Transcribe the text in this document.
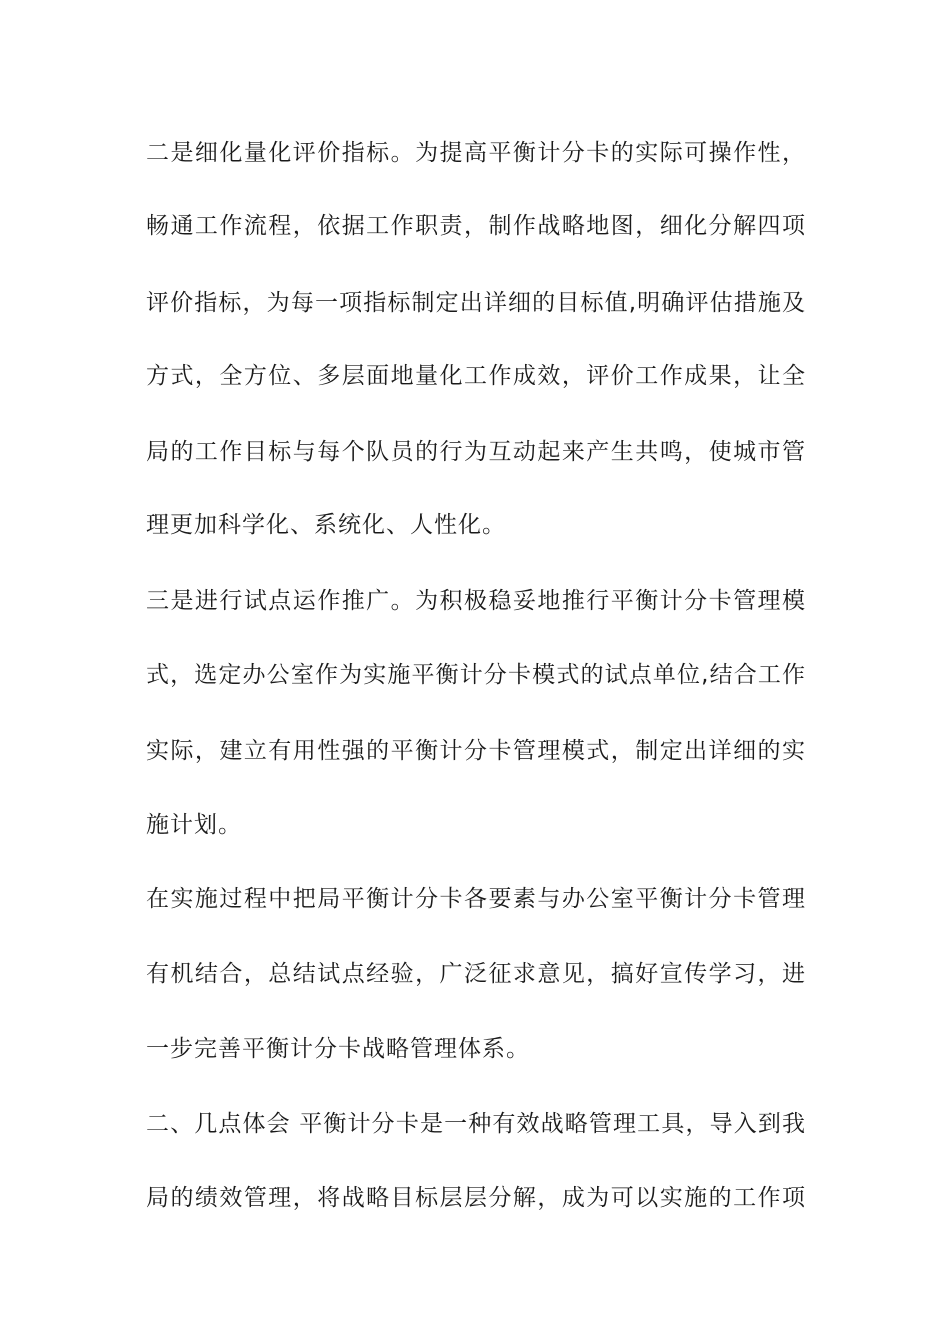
二是细化量化评价指标。为提高平衡计分卡的实际可操作性，
畅通工作流程，依据工作职责，制作战略地图，细化分解四项
评价指标，为每一项指标制定出详细的目标值,明确评估措施及
方式，全方位、多层面地量化工作成效，评价工作成果，让全
局的工作目标与每个队员的行为互动起来产生共鸣，使城市管
理更加科学化、系统化、人性化。
三是进行试点运作推广。为积极稳妥地推行平衡计分卡管理模
式，选定办公室作为实施平衡计分卡模式的试点单位,结合工作
实际，建立有用性强的平衡计分卡管理模式，制定出详细的实
施计划。
在实施过程中把局平衡计分卡各要素与办公室平衡计分卡管理
有机结合，总结试点经验，广泛征求意见，搞好宣传学习，进
一步完善平衡计分卡战略管理体系。
二、几点体会 平衡计分卡是一种有效战略管理工具，导入到我
局的绩效管理，将战略目标层层分解，成为可以实施的工作项
